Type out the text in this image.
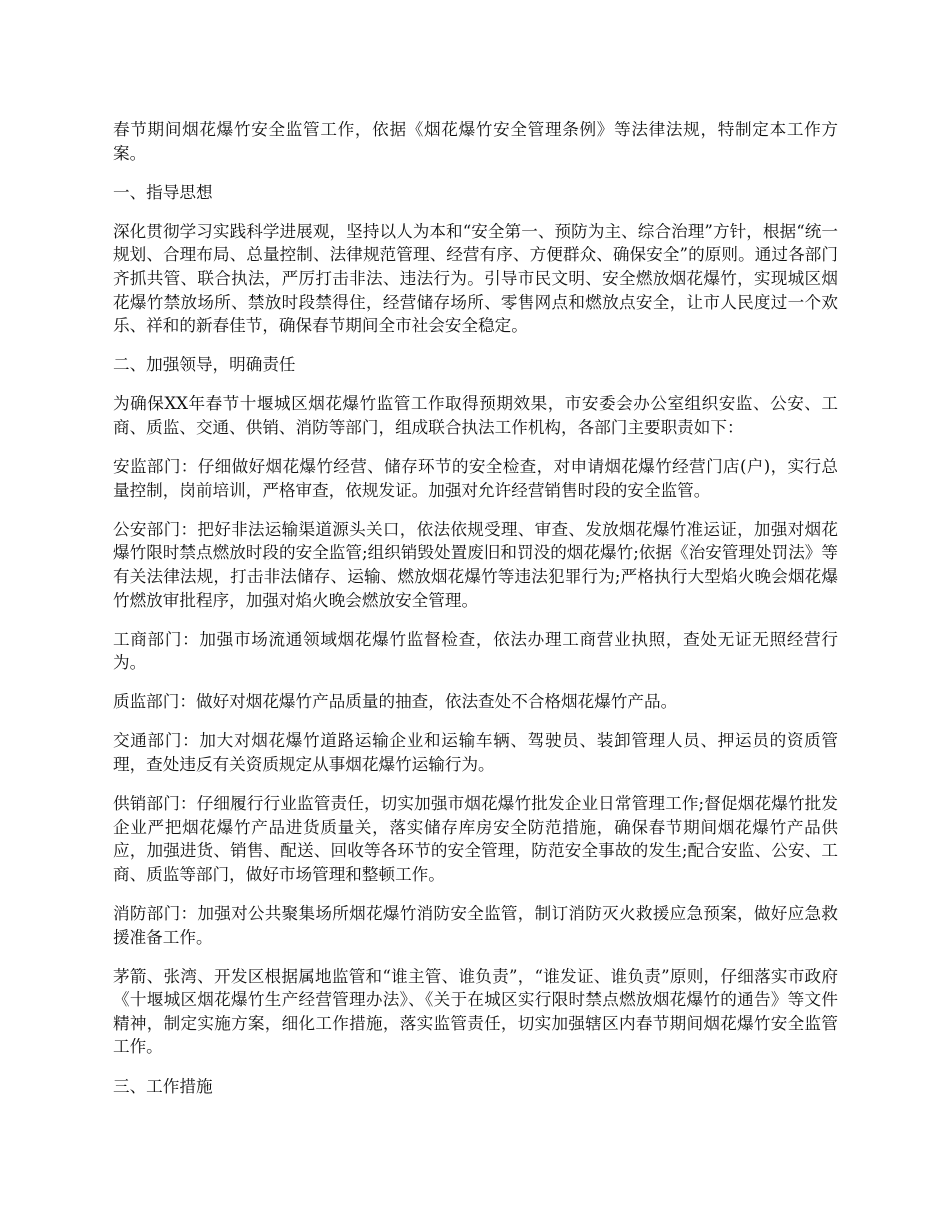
春节期间烟花爆竹安全监管工作，依据《烟花爆竹安全管理条例》等法律法规，特制定本工作方案。

一、指导思想

深化贯彻学习实践科学进展观，坚持以人为本和“安全第一、预防为主、综合治理”方针，根据“统一规划、合理布局、总量控制、法律规范管理、经营有序、方便群众、确保安全”的原则。通过各部门齐抓共管、联合执法，严厉打击非法、违法行为。引导市民文明、安全燃放烟花爆竹，实现城区烟花爆竹禁放场所、禁放时段禁得住，经营储存场所、零售网点和燃放点安全，让市人民度过一个欢乐、祥和的新春佳节，确保春节期间全市社会安全稳定。

二、加强领导，明确责任

为确保XX年春节十堰城区烟花爆竹监管工作取得预期效果，市安委会办公室组织安监、公安、工商、质监、交通、供销、消防等部门，组成联合执法工作机构，各部门主要职责如下：

安监部门：仔细做好烟花爆竹经营、储存环节的安全检查，对申请烟花爆竹经营门店(户)，实行总量控制，岗前培训，严格审查，依规发证。加强对允许经营销售时段的安全监管。

公安部门：把好非法运输渠道源头关口，依法依规受理、审查、发放烟花爆竹准运证，加强对烟花爆竹限时禁点燃放时段的安全监管;组织销毁处置废旧和罚没的烟花爆竹;依据《治安管理处罚法》等有关法律法规，打击非法储存、运输、燃放烟花爆竹等违法犯罪行为;严格执行大型焰火晚会烟花爆竹燃放审批程序，加强对焰火晚会燃放安全管理。

工商部门：加强市场流通领域烟花爆竹监督检查，依法办理工商营业执照，查处无证无照经营行为。

质监部门：做好对烟花爆竹产品质量的抽查，依法查处不合格烟花爆竹产品。

交通部门：加大对烟花爆竹道路运输企业和运输车辆、驾驶员、装卸管理人员、押运员的资质管理，查处违反有关资质规定从事烟花爆竹运输行为。

供销部门：仔细履行行业监管责任，切实加强市烟花爆竹批发企业日常管理工作;督促烟花爆竹批发企业严把烟花爆竹产品进货质量关，落实储存库房安全防范措施，确保春节期间烟花爆竹产品供应，加强进货、销售、配送、回收等各环节的安全管理，防范安全事故的发生;配合安监、公安、工商、质监等部门，做好市场管理和整顿工作。

消防部门：加强对公共聚集场所烟花爆竹消防安全监管，制订消防灭火救援应急预案，做好应急救援准备工作。

茅箭、张湾、开发区根据属地监管和“谁主管、谁负责”，“谁发证、谁负责”原则，仔细落实市政府《十堰城区烟花爆竹生产经营管理办法》、《关于在城区实行限时禁点燃放烟花爆竹的通告》等文件精神，制定实施方案，细化工作措施，落实监管责任，切实加强辖区内春节期间烟花爆竹安全监管工作。

三、工作措施
